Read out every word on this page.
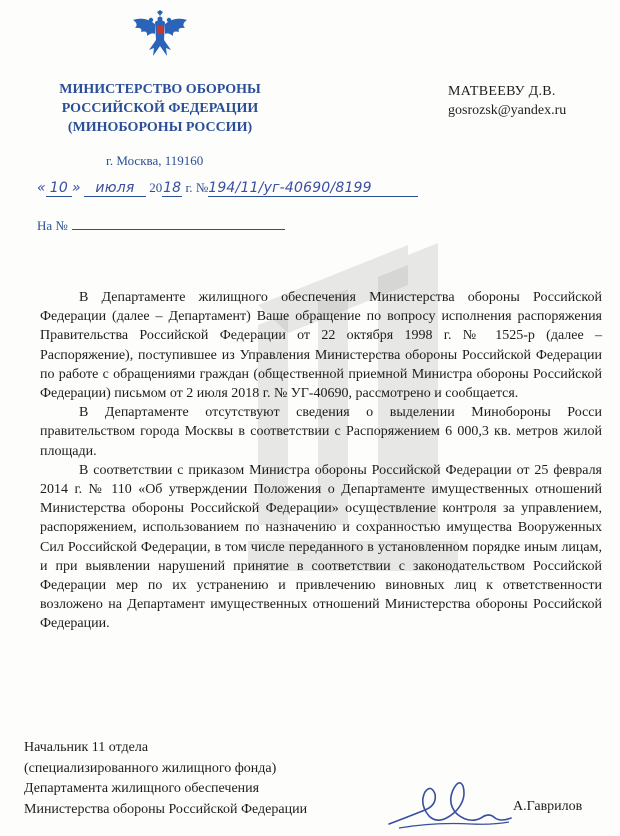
МИНИСТЕРСТВО ОБОРОНЫ
РОССИЙСКОЙ ФЕДЕРАЦИИ
(МИНОБОРОНЫ РОССИИ)
г. Москва, 119160
МАТВЕЕВУ Д.В.
gosrozsk@yandex.ru
« 10 » июля 2018 г. №194/11/уг-40690/8199
На №

В Департаменте жилищного обеспечения Министерства обороны Российской Федерации (далее – Департамент) Ваше обращение по вопросу исполнения распоряжения Правительства Российской Федерации от 22 октября 1998 г. № 1525-р (далее – Распоряжение), поступившее из Управления Министерства обороны Российской Федерации по работе с обращениями граждан (общественной приемной Министра обороны Российской Федерации) письмом от 2 июля 2018 г. № УГ-40690, рассмотрено и сообщается.

В Департаменте отсутствуют сведения о выделении Минобороны Росси правительством города Москвы в соответствии с Распоряжением 6 000,3 кв. метров жилой площади.

В соответствии с приказом Министра обороны Российской Федерации от 25 февраля 2014 г. № 110 «Об утверждении Положения о Департаменте имущественных отношений Министерства обороны Российской Федерации» осуществление контроля за управлением, распоряжением, использованием по назначению и сохранностью имущества Вооруженных Сил Российской Федерации, в том числе переданного в установленном порядке иным лицам, и при выявлении нарушений принятие в соответствии с законодательством Российской Федерации мер по их устранению и привлечению виновных лиц к ответственности возложено на Департамент имущественных отношений Министерства обороны Российской Федерации.

Начальник 11 отдела
(специализированного жилищного фонда)
Департамента жилищного обеспечения
Министерства обороны Российской Федерации	А.Гаврилов
